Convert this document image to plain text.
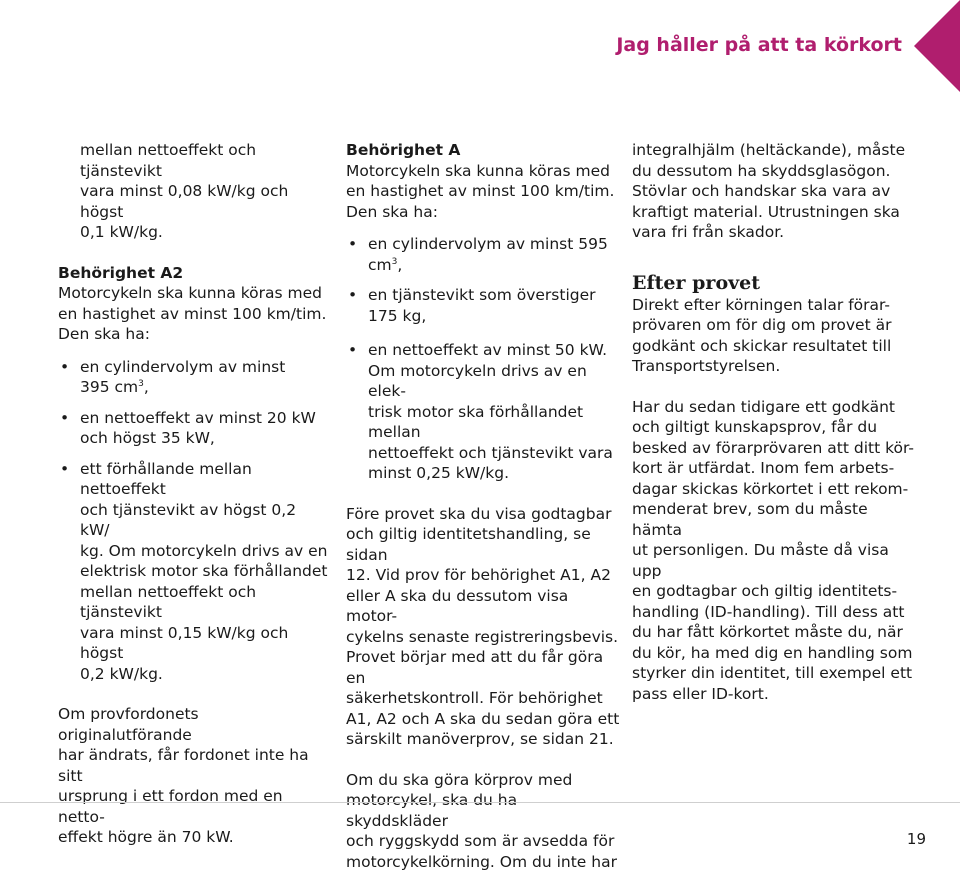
Jag håller på att ta körkort

mellan nettoeffekt och tjänstevikt

vara minst 0,08 kW/kg och högst

0,1 kW/kg.

Behörighet A2

Motorcykeln ska kunna köras med

en hastighet av minst 100 km/tim.

Den ska ha:

• en cylindervolym av minst

395 $cm^3$,

• en nettoeffekt av minst 20 kW

och högst 35 kW,

• ett förhållande mellan nettoeffekt

och tjänstevikt av högst 0,2 kW/

kg. Om motorcykeln drivs av en

elektrisk motor ska förhållandet

mellan nettoeffekt och tjänstevikt

vara minst 0,15 kW/kg och högst

0,2 kW/kg.

Om provfordonets originalutförande

har ändrats, får fordonet inte ha sitt

ursprung i ett fordon med en netto-

effekt högre än 70 kW.

Behörighet A

Motorcykeln ska kunna köras med

en hastighet av minst 100 km/tim.

Den ska ha:

• en cylindervolym av minst 595 $cm^3$,

• en tjänstevikt som överstiger 175 kg,

• en nettoeffekt av minst 50 kW.

Om motorcykeln drivs av en elek-

trisk motor ska förhållandet mellan

nettoeffekt och tjänstevikt vara

minst 0,25 kW/kg.

Före provet ska du visa godtagbar

och giltig identitetshandling, se sidan

12. Vid prov för behörighet A1, A2

eller A ska du dessutom visa motor-

cykelns senaste registreringsbevis.

Provet börjar med att du får göra en

säkerhetskontroll. För behörighet

A1, A2 och A ska du sedan göra ett

särskilt manöverprov, se sidan 21.

Om du ska göra körprov med

motorcykel, ska du ha skyddskläder

och ryggskydd som är avsedda för

motorcykelkörning. Om du inte har

integralhjälm (heltäckande), måste

du dessutom ha skyddsglasögon.

Stövlar och handskar ska vara av

kraftigt material. Utrustningen ska

vara fri från skador.

Efter provet

Direkt efter körningen talar förar-

prövaren om för dig om provet är

godkänt och skickar resultatet till

Transportstyrelsen.

Har du sedan tidigare ett godkänt

och giltigt kunskapsprov, får du

besked av förarprövaren att ditt kör-

kort är utfärdat. Inom fem arbets-

dagar skickas körkortet i ett rekom-

menderat brev, som du måste hämta

ut personligen. Du måste då visa upp

en godtagbar och giltig identitets-

handling (ID-handling). Till dess att

du har fått körkortet måste du, när

du kör, ha med dig en handling som

styrker din identitet, till exempel ett

pass eller ID-kort.

19
